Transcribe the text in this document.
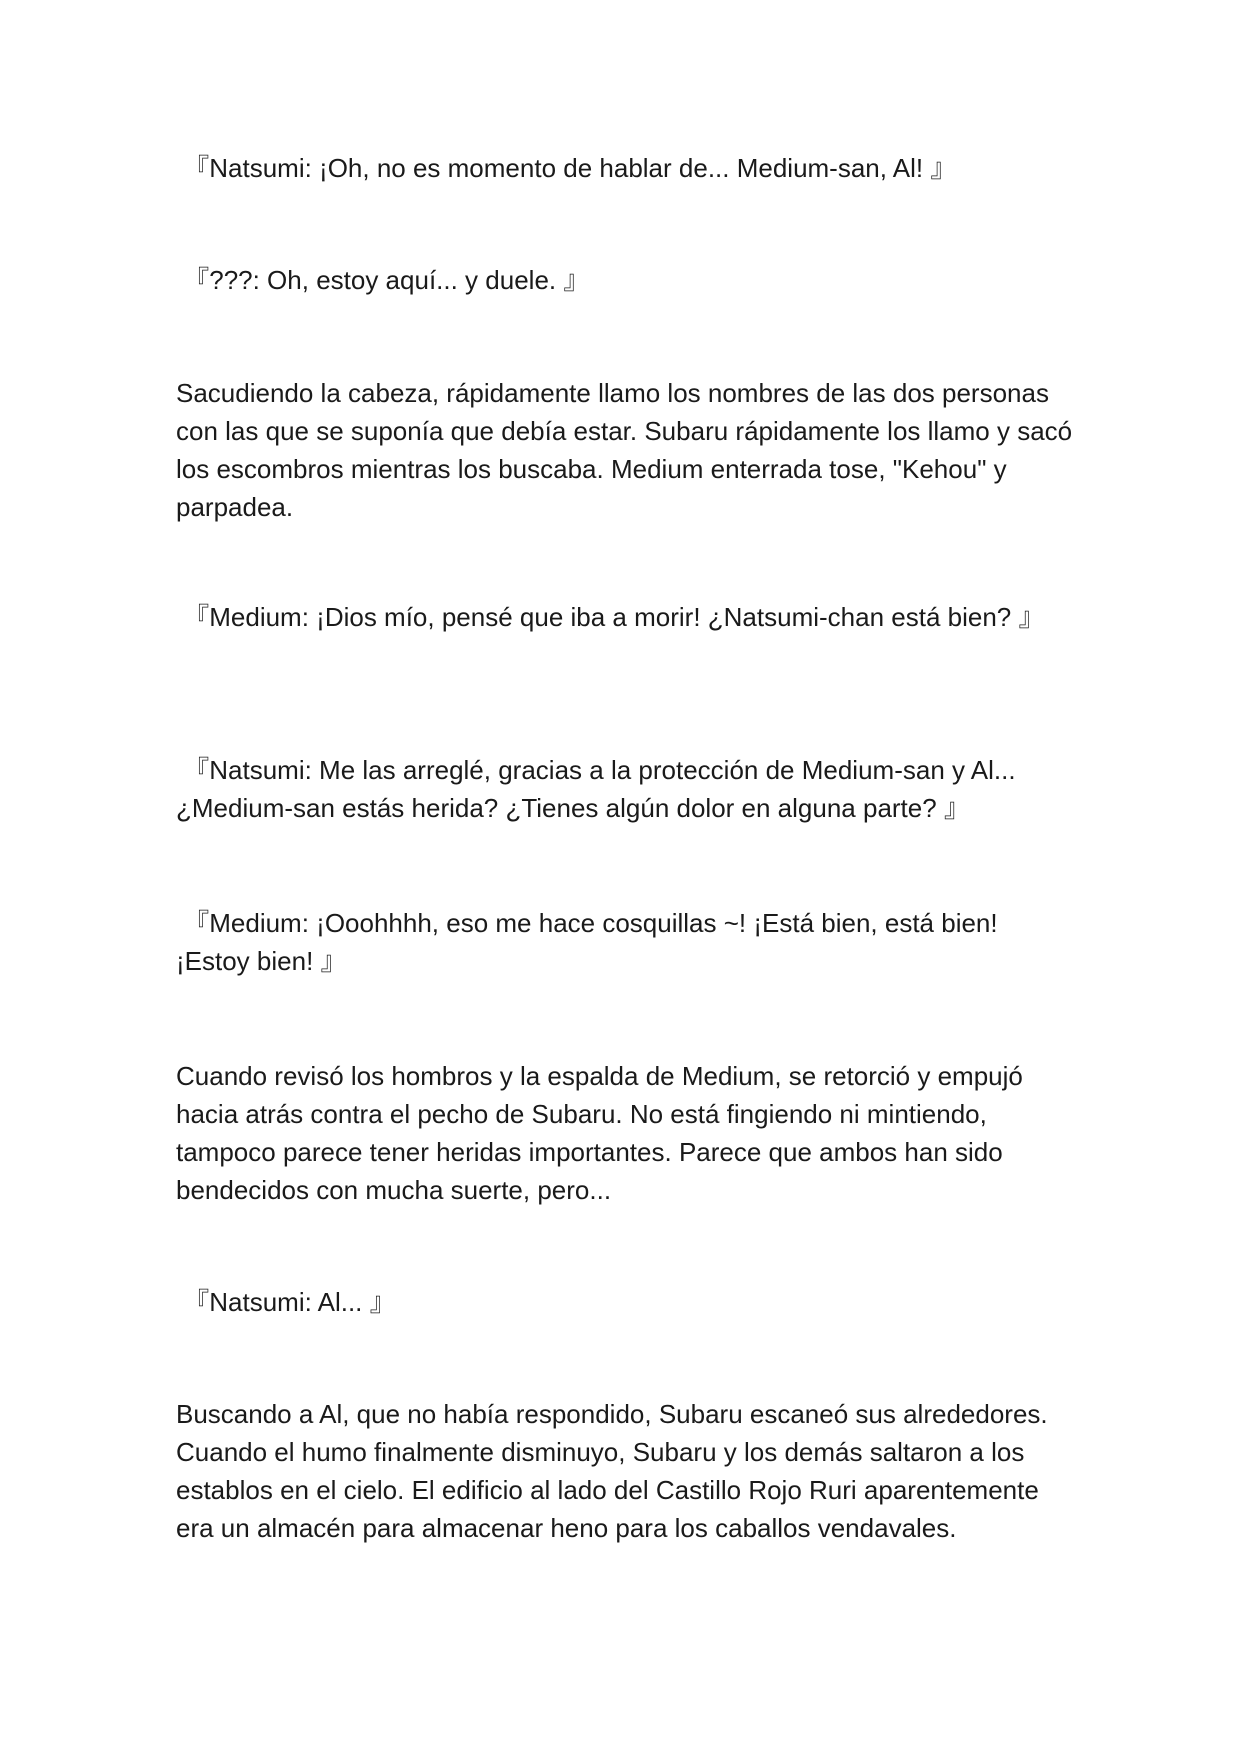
『Natsumi: ¡Oh, no es momento de hablar de... Medium-san, Al! 』

『???: Oh, estoy aquí... y duele. 』

Sacudiendo la cabeza, rápidamente llamo los nombres de las dos personas con las que se suponía que debía estar. Subaru rápidamente los llamo y sacó los escombros mientras los buscaba. Medium enterrada tose, "Kehou" y parpadea.

『Medium: ¡Dios mío, pensé que iba a morir! ¿Natsumi-chan está bien? 』

『Natsumi: Me las arreglé, gracias a la protección de Medium-san y Al... ¿Medium-san estás herida? ¿Tienes algún dolor en alguna parte? 』

『Medium: ¡Ooohhhh, eso me hace cosquillas ~! ¡Está bien, está bien! ¡Estoy bien! 』

Cuando revisó los hombros y la espalda de Medium, se retorció y empujó hacia atrás contra el pecho de Subaru. No está fingiendo ni mintiendo, tampoco parece tener heridas importantes. Parece que ambos han sido bendecidos con mucha suerte, pero...

『Natsumi: Al... 』

Buscando a Al, que no había respondido, Subaru escaneó sus alrededores. Cuando el humo finalmente disminuyo, Subaru y los demás saltaron a los establos en el cielo. El edificio al lado del Castillo Rojo Ruri aparentemente era un almacén para almacenar heno para los caballos vendavales.
